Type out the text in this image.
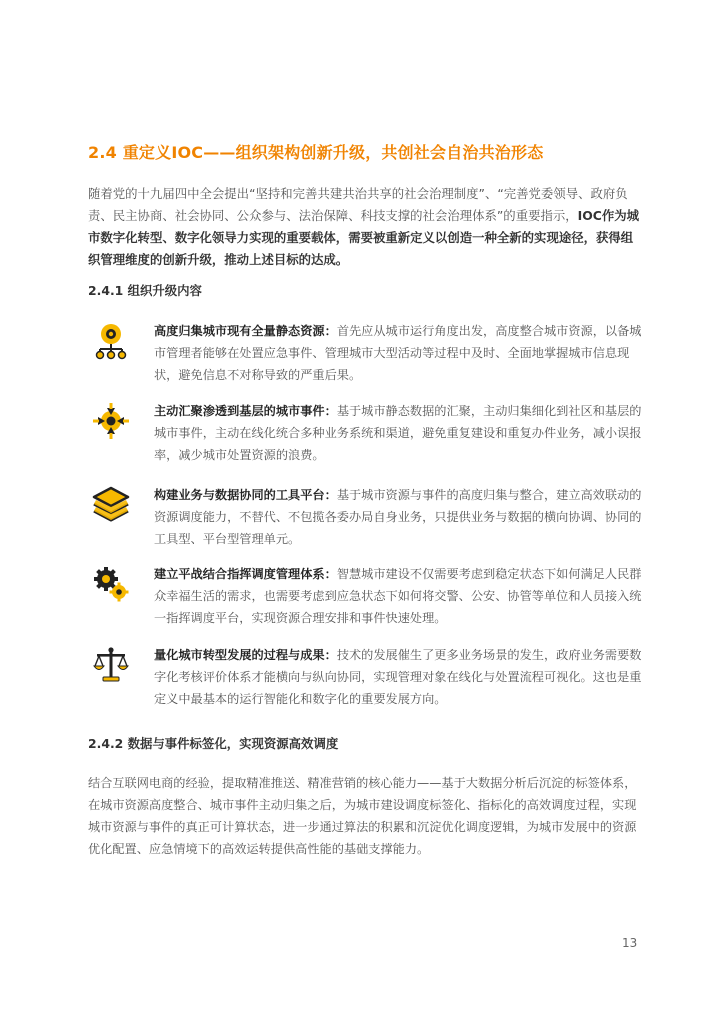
2.4 重定义IOC——组织架构创新升级，共创社会自治共治形态
随着党的十九届四中全会提出“坚持和完善共建共治共享的社会治理制度”、“完善党委领导、政府负责、民主协商、社会协同、公众参与、法治保障、科技支撑的社会治理体系”的重要指示，IOC作为城市数字化转型、数字化领导力实现的重要载体，需要被重新定义以创造一种全新的实现途径，获得组织管理维度的创新升级，推动上述目标的达成。
2.4.1 组织升级内容
高度归集城市现有全量静态资源：首先应从城市运行角度出发，高度整合城市资源，以备城市管理者能够在处置应急事件、管理城市大型活动等过程中及时、全面地掌握城市信息现状，避免信息不对称导致的严重后果。
主动汇聚渗透到基层的城市事件：基于城市静态数据的汇聚，主动归集细化到社区和基层的城市事件，主动在线化统合多种业务系统和渠道，避免重复建设和重复办件业务，减小误报率，减少城市处置资源的浪费。
构建业务与数据协同的工具平台：基于城市资源与事件的高度归集与整合，建立高效联动的资源调度能力，不替代、不包揽各委办局自身业务，只提供业务与数据的横向协调、协同的工具型、平台型管理单元。
建立平战结合指挥调度管理体系：智慧城市建设不仅需要考虑到稳定状态下如何满足人民群众幸福生活的需求，也需要考虑到应急状态下如何将交警、公安、协管等单位和人员接入统一指挥调度平台，实现资源合理安排和事件快速处理。
量化城市转型发展的过程与成果：技术的发展催生了更多业务场景的发生，政府业务需要数字化考核评价体系才能横向与纵向协同，实现管理对象在线化与处置流程可视化。这也是重定义中最基本的运行智能化和数字化的重要发展方向。
2.4.2 数据与事件标签化，实现资源高效调度
结合互联网电商的经验，提取精准推送、精准营销的核心能力——基于大数据分析后沉淀的标签体系，在城市资源高度整合、城市事件主动归集之后，为城市建设调度标签化、指标化的高效调度过程，实现城市资源与事件的真正可计算状态，进一步通过算法的积累和沉淀优化调度逻辑，为城市发展中的资源优化配置、应急情境下的高效运转提供高性能的基础支撑能力。
13
